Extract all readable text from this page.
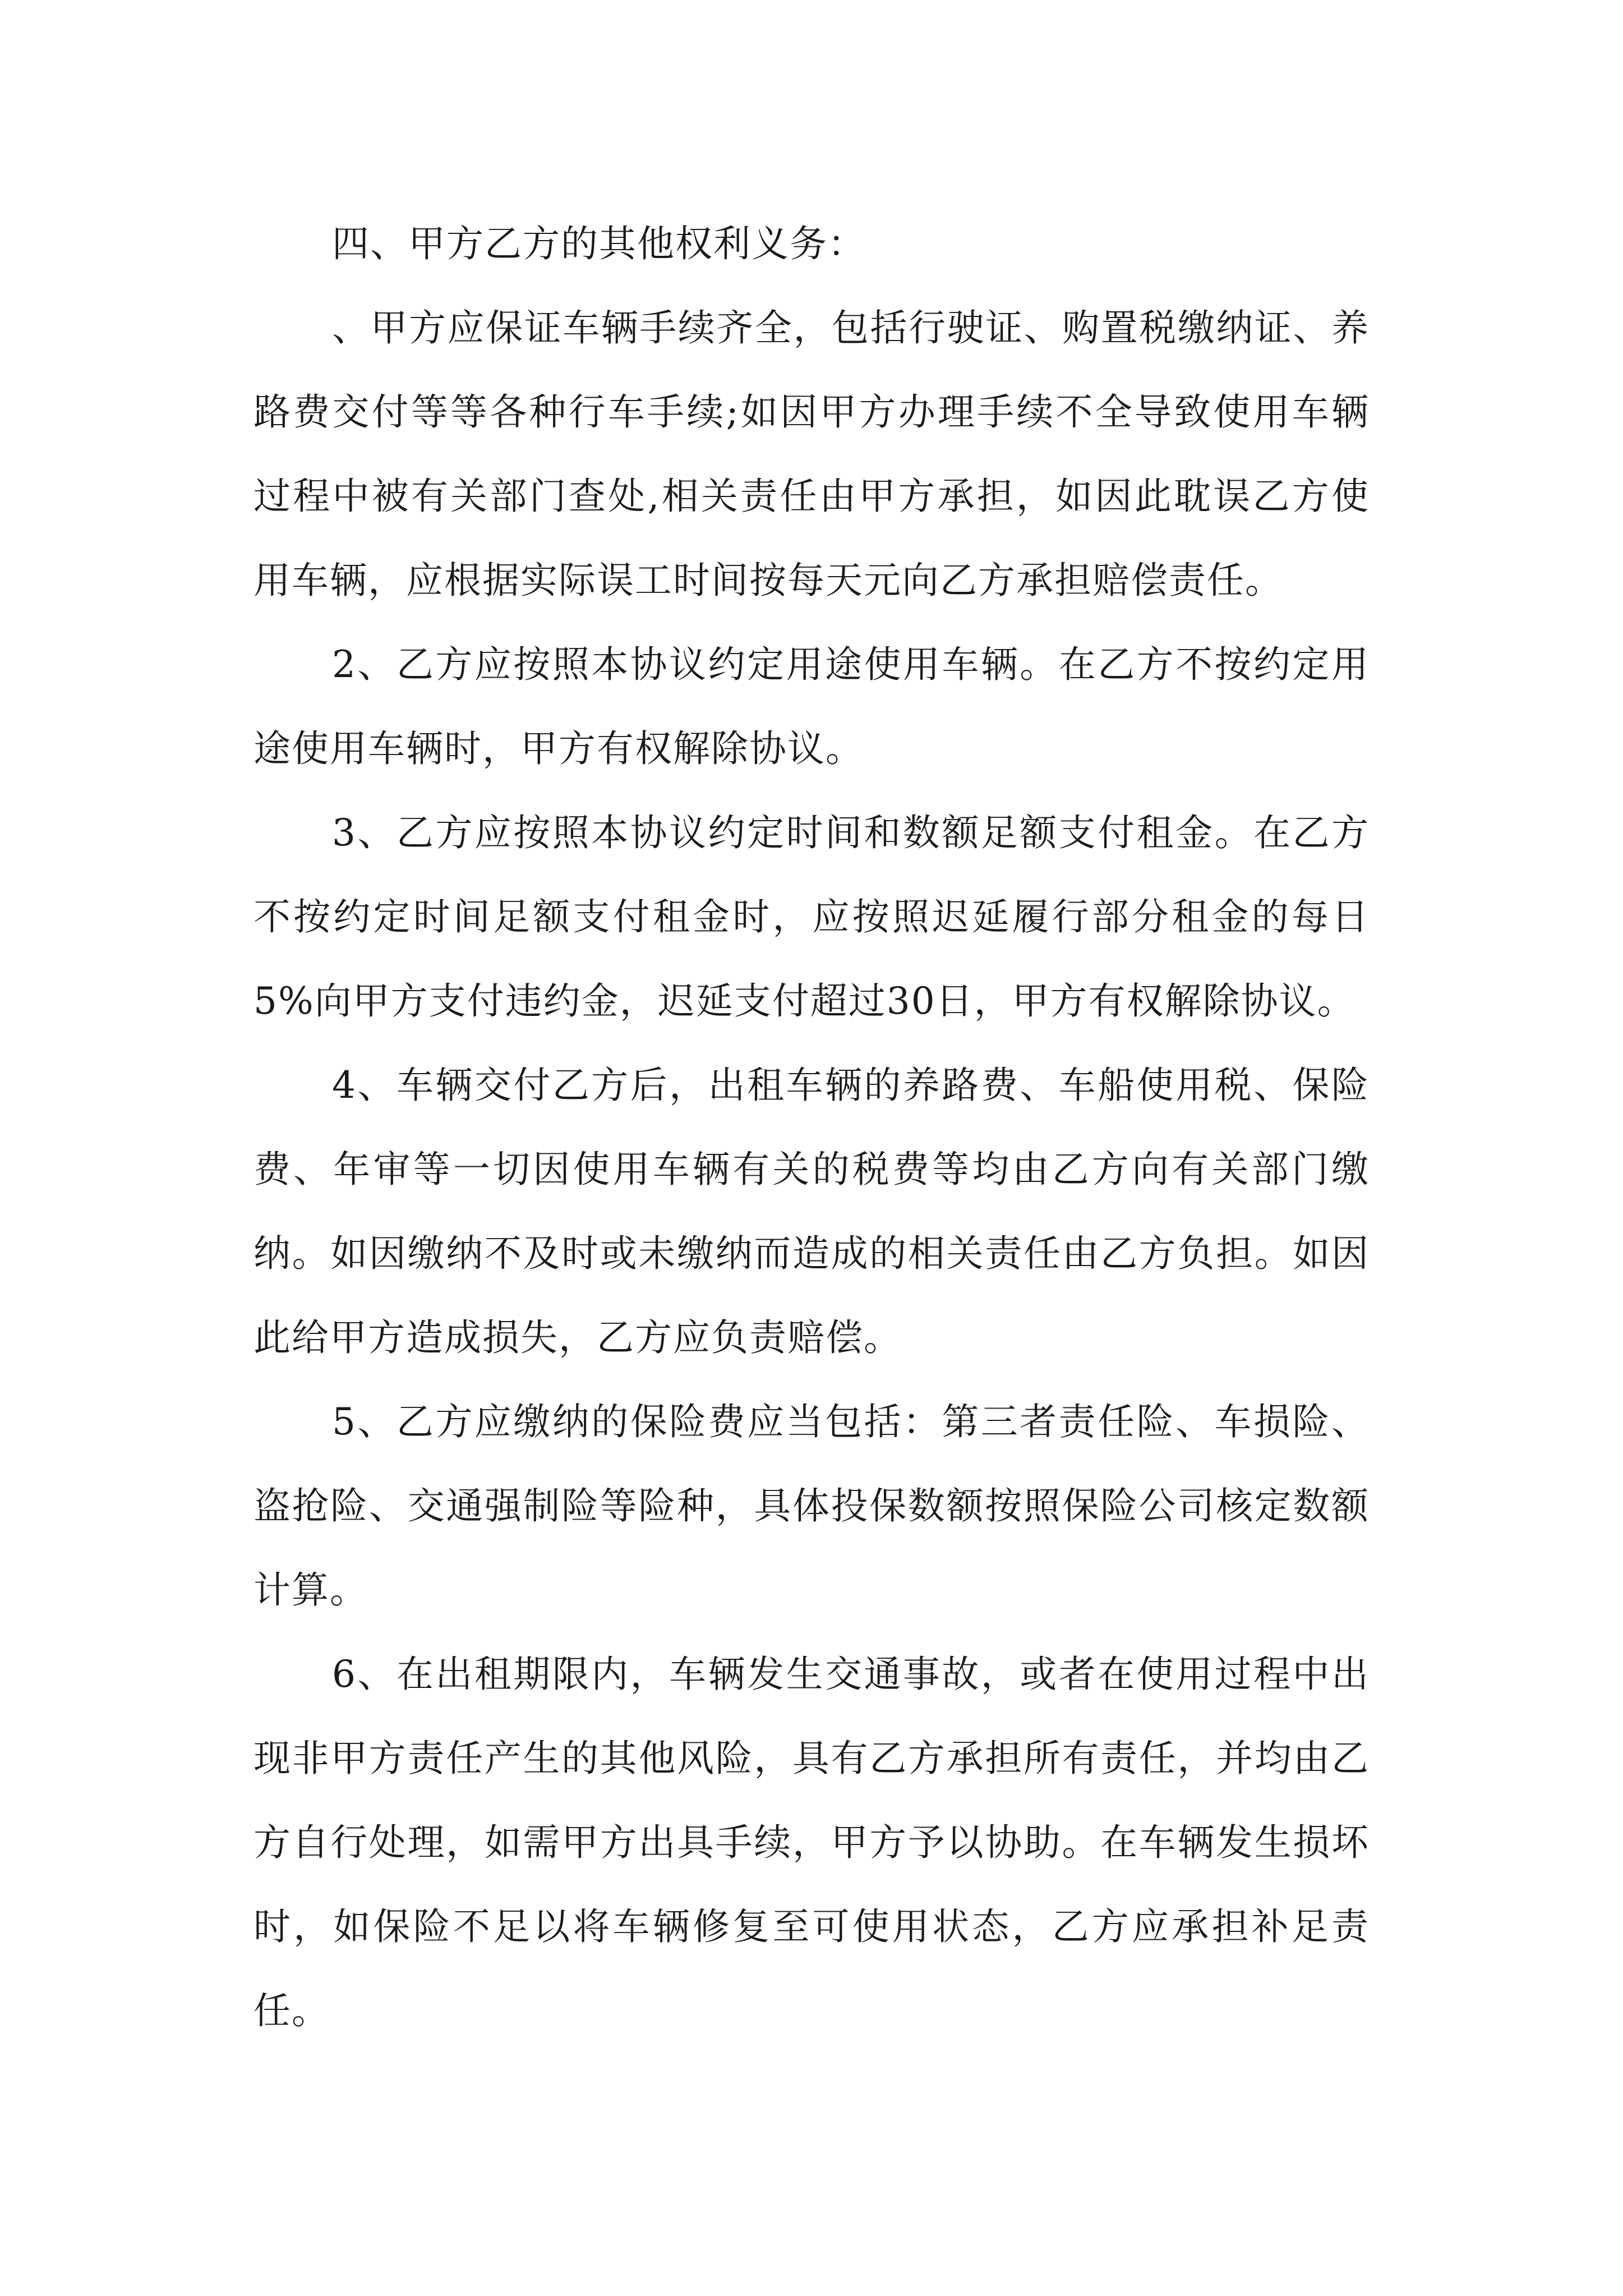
四、甲方乙方的其他权利义务：

、甲方应保证车辆手续齐全，包括行驶证、购置税缴纳证、养路费交付等等各种行车手续;如因甲方办理手续不全导致使用车辆过程中被有关部门查处,相关责任由甲方承担，如因此耽误乙方使用车辆，应根据实际误工时间按每天元向乙方承担赔偿责任。

2、乙方应按照本协议约定用途使用车辆。在乙方不按约定用途使用车辆时，甲方有权解除协议。

3、乙方应按照本协议约定时间和数额足额支付租金。在乙方不按约定时间足额支付租金时，应按照迟延履行部分租金的每日5%向甲方支付违约金，迟延支付超过30日，甲方有权解除协议。

4、车辆交付乙方后，出租车辆的养路费、车船使用税、保险费、年审等一切因使用车辆有关的税费等均由乙方向有关部门缴纳。如因缴纳不及时或未缴纳而造成的相关责任由乙方负担。如因此给甲方造成损失，乙方应负责赔偿。

5、乙方应缴纳的保险费应当包括：第三者责任险、车损险、盗抢险、交通强制险等险种，具体投保数额按照保险公司核定数额计算。

6、在出租期限内，车辆发生交通事故，或者在使用过程中出现非甲方责任产生的其他风险，具有乙方承担所有责任，并均由乙方自行处理，如需甲方出具手续，甲方予以协助。在车辆发生损坏时，如保险不足以将车辆修复至可使用状态，乙方应承担补足责任。
